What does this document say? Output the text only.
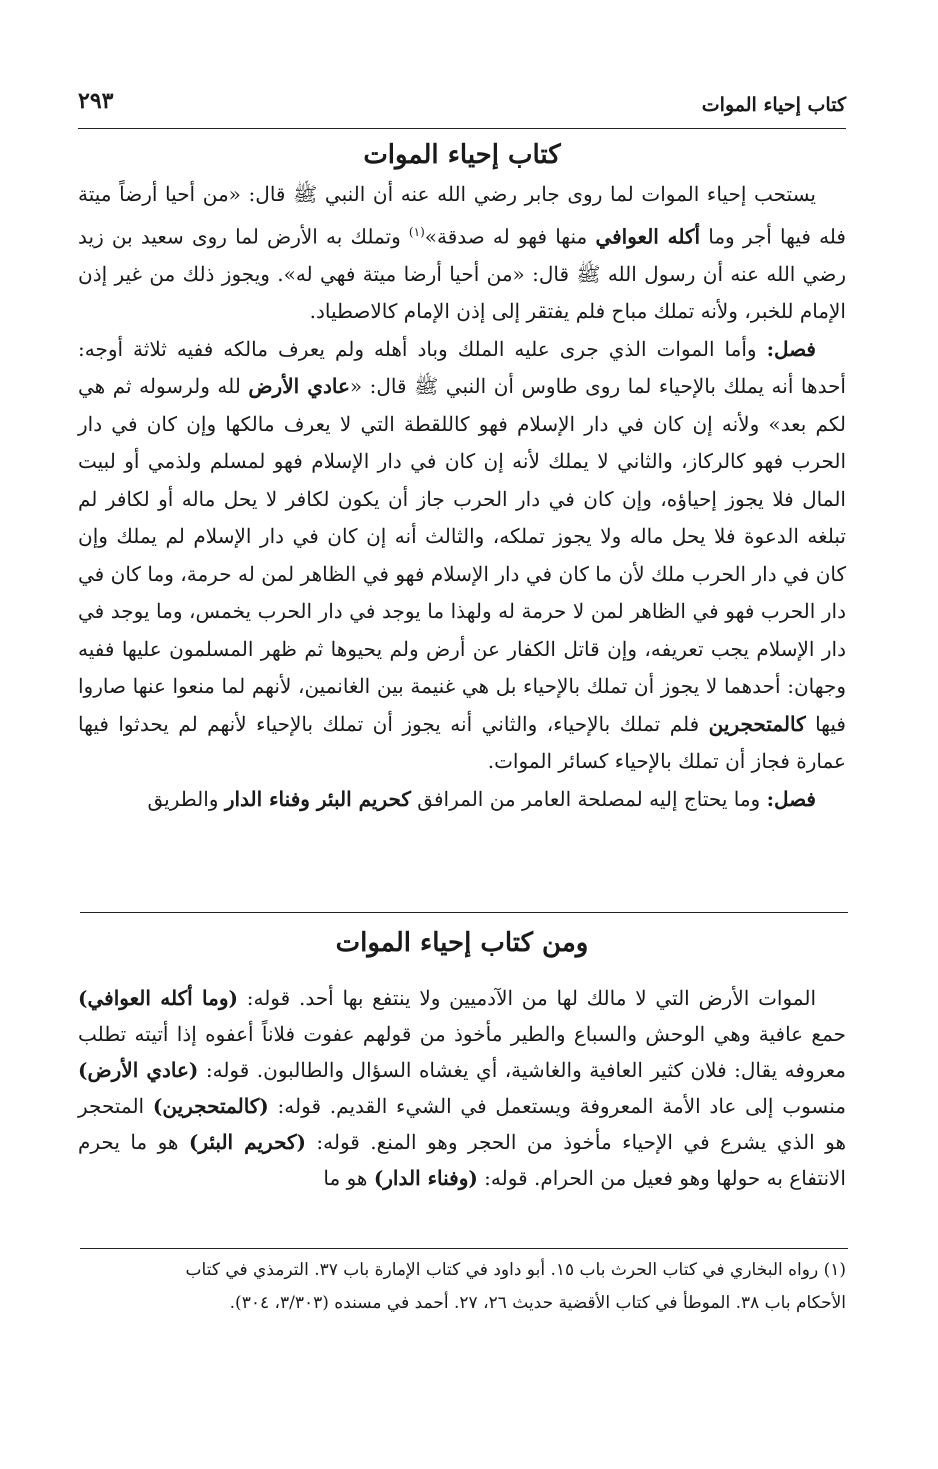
كتاب إحياء الموات
٢٩٣
كتاب إحياء الموات

يستحب إحياء الموات لما روى جابر رضي الله عنه أن النبي ﷺ قال: «من أحيا أرضاً ميتة فله فيها أجر وما أكله العوافي منها فهو له صدقة»$^{(١)}$ وتملك به الأرض لما روى سعيد بن زيد رضي الله عنه أن رسول الله ﷺ قال: «من أحيا أرضا ميتة فهي له». ويجوز ذلك من غير إذن الإمام للخبر، ولأنه تملك مباح فلم يفتقر إلى إذن الإمام كالاصطياد.

فصل: وأما الموات الذي جرى عليه الملك وباد أهله ولم يعرف مالكه ففيه ثلاثة أوجه: أحدها أنه يملك بالإحياء لما روى طاوس أن النبي ﷺ قال: «عادي الأرض لله ولرسوله ثم هي لكم بعد» ولأنه إن كان في دار الإسلام فهو كاللقطة التي لا يعرف مالكها وإن كان في دار الحرب فهو كالركاز، والثاني لا يملك لأنه إن كان في دار الإسلام فهو لمسلم ولذمي أو لبيت المال فلا يجوز إحياؤه، وإن كان في دار الحرب جاز أن يكون لكافر لا يحل ماله أو لكافر لم تبلغه الدعوة فلا يحل ماله ولا يجوز تملكه، والثالث أنه إن كان في دار الإسلام لم يملك وإن كان في دار الحرب ملك لأن ما كان في دار الإسلام فهو في الظاهر لمن له حرمة، وما كان في دار الحرب فهو في الظاهر لمن لا حرمة له ولهذا ما يوجد في دار الحرب يخمس، وما يوجد في دار الإسلام يجب تعريفه، وإن قاتل الكفار عن أرض ولم يحيوها ثم ظهر المسلمون عليها ففيه وجهان: أحدهما لا يجوز أن تملك بالإحياء بل هي غنيمة بين الغانمين، لأنهم لما منعوا عنها صاروا فيها كالمتحجرين فلم تملك بالإحياء، والثاني أنه يجوز أن تملك بالإحياء لأنهم لم يحدثوا فيها عمارة فجاز أن تملك بالإحياء كسائر الموات.

فصل: وما يحتاج إليه لمصلحة العامر من المرافق كحريم البئر وفناء الدار والطريق

ومن كتاب إحياء الموات

الموات الأرض التي لا مالك لها من الآدميين ولا ينتفع بها أحد. قوله: (وما أكله العوافي) حمع عافية وهي الوحش والسباع والطير مأخوذ من قولهم عفوت فلاناً أعفوه إذا أتيته تطلب معروفه يقال: فلان كثير العافية والغاشية، أي يغشاه السؤال والطالبون. قوله: (عادي الأرض) منسوب إلى عاد الأمة المعروفة ويستعمل في الشيء القديم. قوله: (كالمتحجرين) المتحجر هو الذي يشرع في الإحياء مأخوذ من الحجر وهو المنع. قوله: (كحريم البئر) هو ما يحرم الانتفاع به حولها وهو فعيل من الحرام. قوله: (وفناء الدار) هو ما

(١) رواه البخاري في كتاب الحرث باب ١٥. أبو داود في كتاب الإمارة باب ٣٧. الترمذي في كتاب

الأحكام باب ٣٨. الموطأ في كتاب الأقضية حديث ٢٦، ٢٧. أحمد في مسنده (٣/٣٠٣، ٣٠٤).
